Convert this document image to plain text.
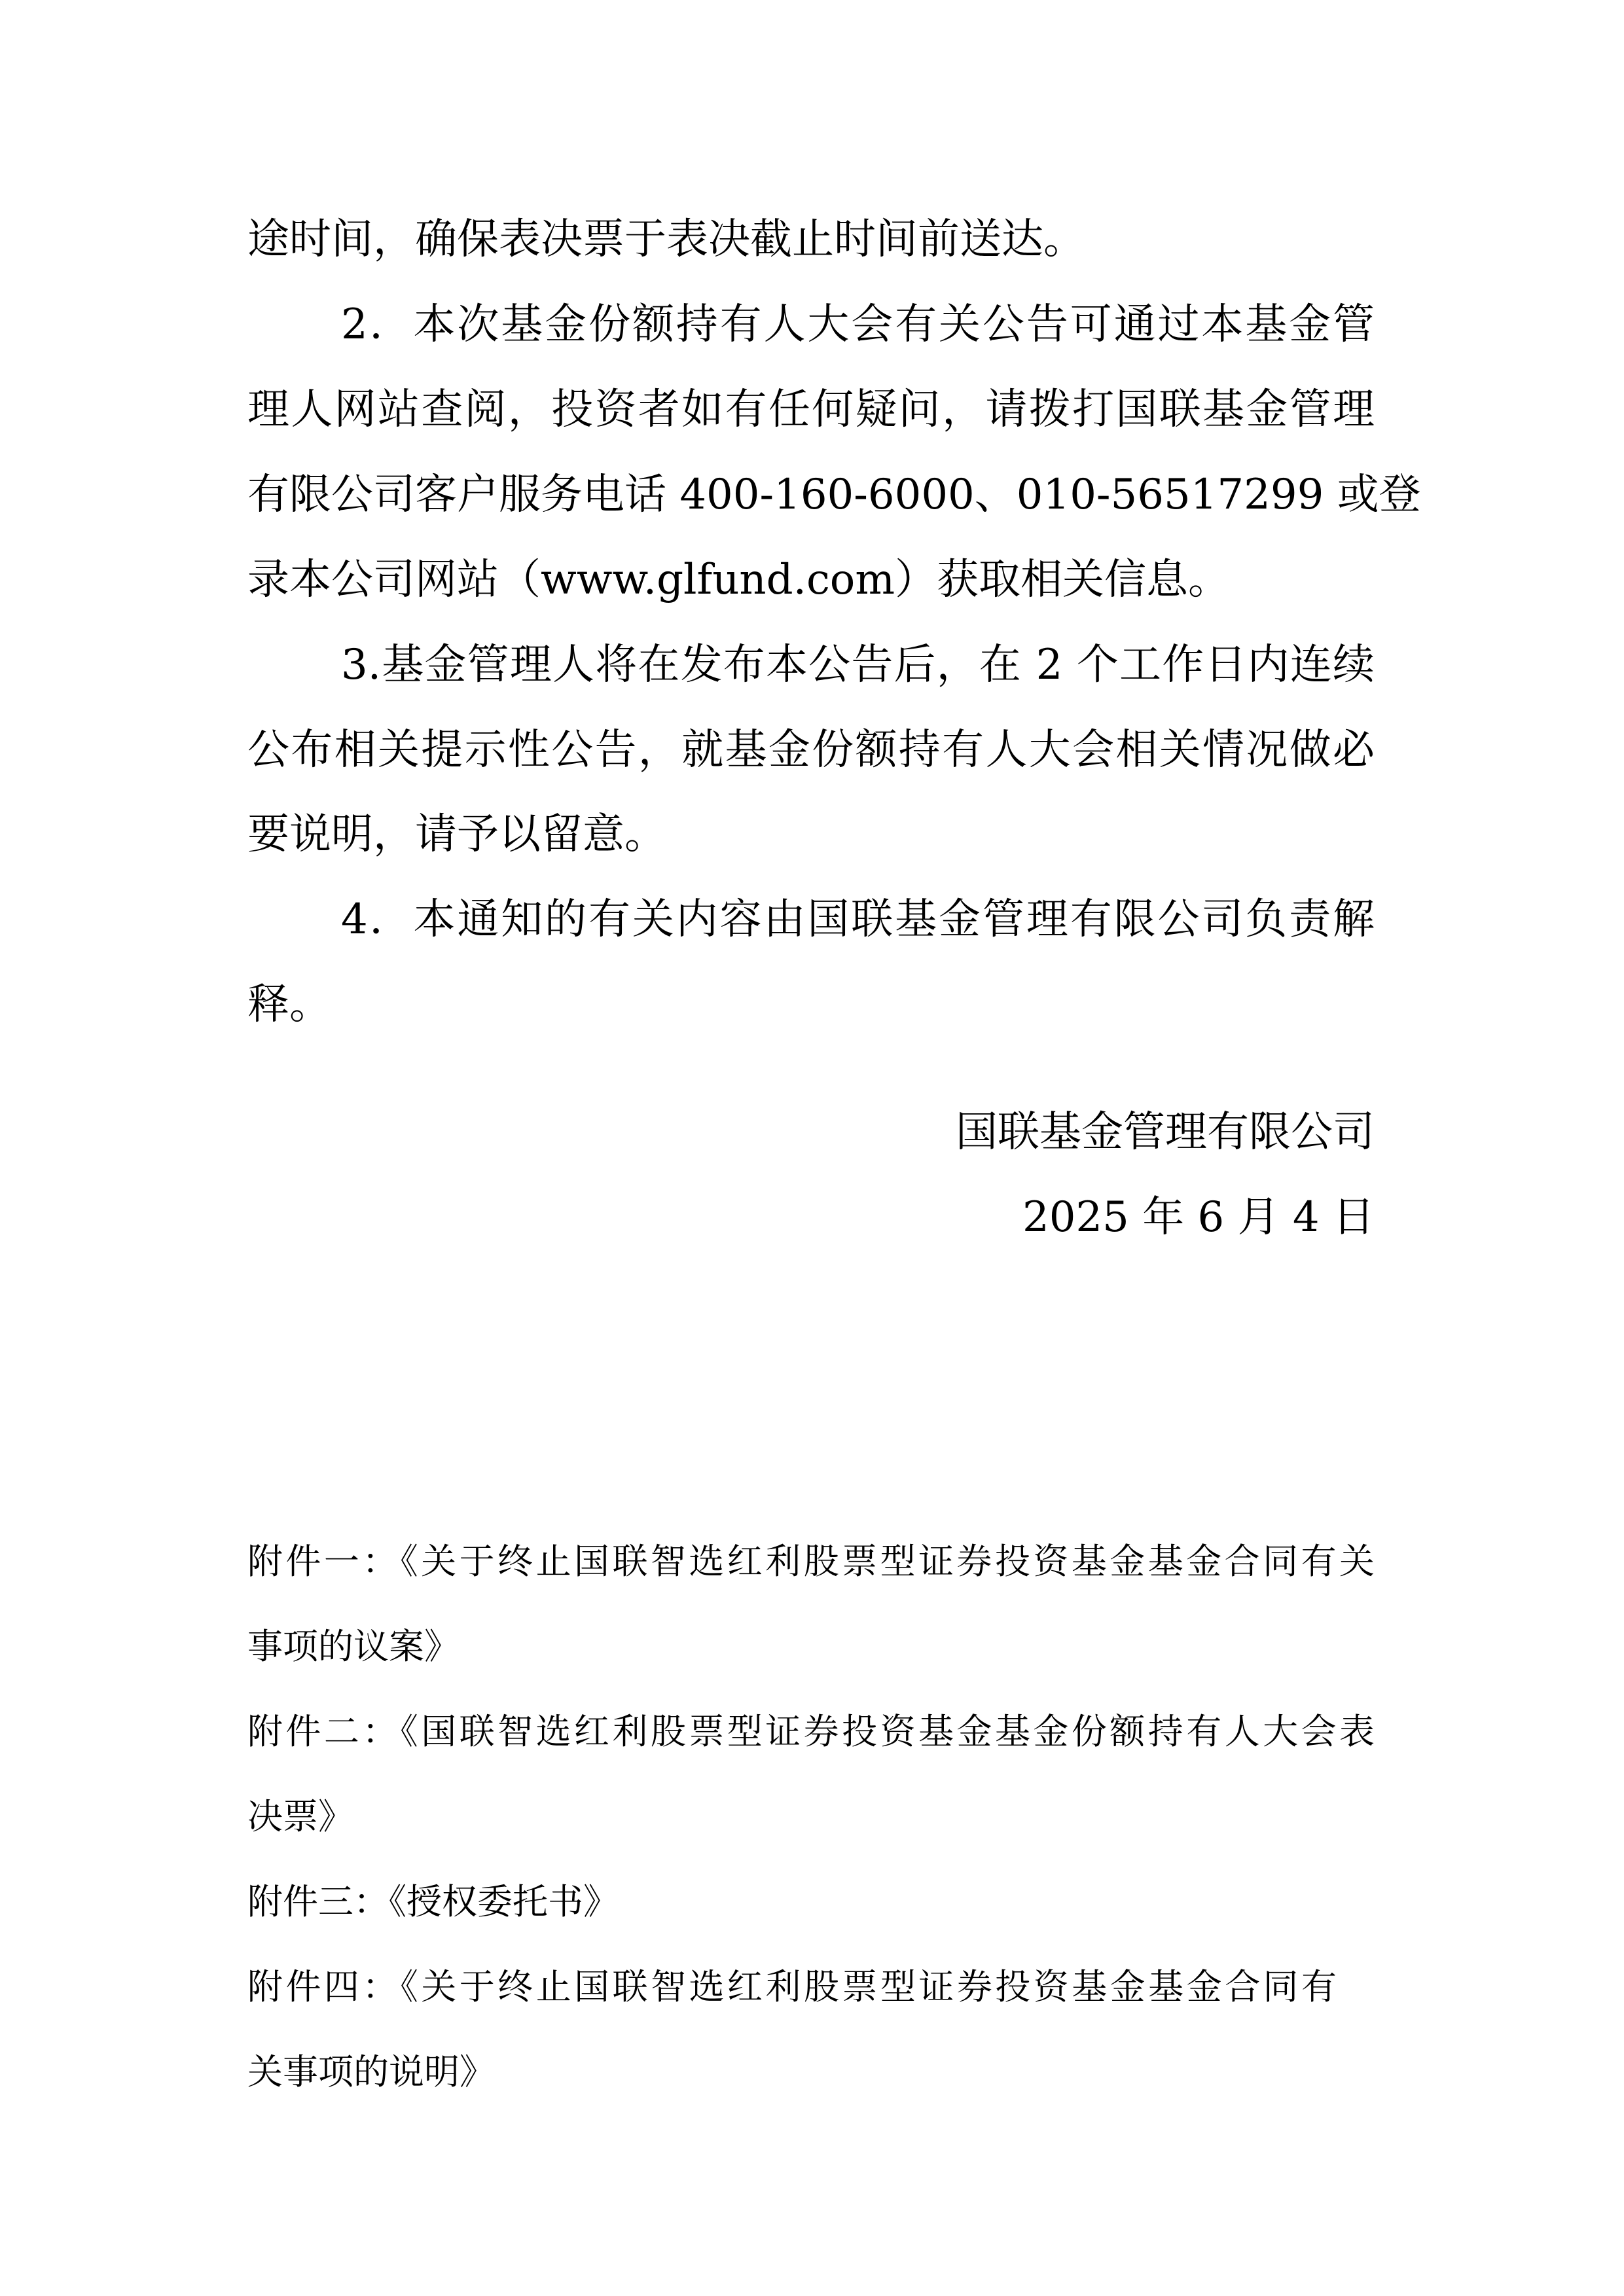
途时间，确保表决票于表决截止时间前送达。
2．本次基金份额持有人大会有关公告可通过本基金管
理人网站查阅，投资者如有任何疑问，请拨打国联基金管理
有限公司客户服务电话 400-160-6000、010-56517299 或登
录本公司网站（www.glfund.com）获取相关信息。
3.基金管理人将在发布本公告后，在 2 个工作日内连续
公布相关提示性公告，就基金份额持有人大会相关情况做必
要说明，请予以留意。
4．本通知的有关内容由国联基金管理有限公司负责解
释。
国联基金管理有限公司
2025 年 6 月 4 日
附件一：《关于终止国联智选红利股票型证券投资基金基金合同有关
事项的议案》
附件二：《国联智选红利股票型证券投资基金基金份额持有人大会表
决票》
附件三：《授权委托书》
附件四：《关于终止国联智选红利股票型证券投资基金基金合同有
关事项的说明》
